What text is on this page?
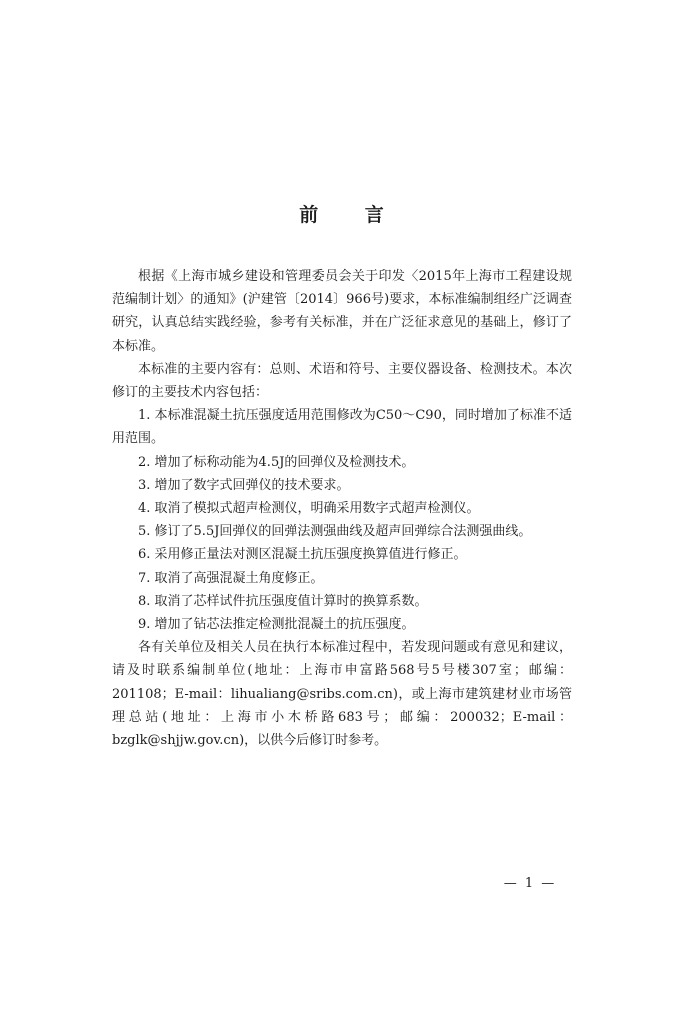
前 言

根据《上海市城乡建设和管理委员会关于印发〈2015年上海市工程建设规范编制计划〉的通知》(沪建管〔2014〕966号)要求，本标准编制组经广泛调查研究，认真总结实践经验，参考有关标准，并在广泛征求意见的基础上，修订了本标准。

本标准的主要内容有：总则、术语和符号、主要仪器设备、检测技术。本次修订的主要技术内容包括：

1. 本标准混凝土抗压强度适用范围修改为C50～C90，同时增加了标准不适用范围。

2. 增加了标称动能为4.5J的回弹仪及检测技术。

3. 增加了数字式回弹仪的技术要求。

4. 取消了模拟式超声检测仪，明确采用数字式超声检测仪。

5. 修订了5.5J回弹仪的回弹法测强曲线及超声回弹综合法测强曲线。

6. 采用修正量法对测区混凝土抗压强度换算值进行修正。

7. 取消了高强混凝土角度修正。

8. 取消了芯样试件抗压强度值计算时的换算系数。

9. 增加了钻芯法推定检测批混凝土的抗压强度。

各有关单位及相关人员在执行本标准过程中，若发现问题或有意见和建议，请及时联系编制单位(地址：上海市申富路568号5号楼307室；邮编：201108；E-mail：lihualiang@sribs.com.cn)，或上海市建筑建材业市场管理总站(地址：上海市小木桥路683号；邮编：200032；E-mail：bzglk@shjjw.gov.cn)，以供今后修订时参考。

— 1 —
